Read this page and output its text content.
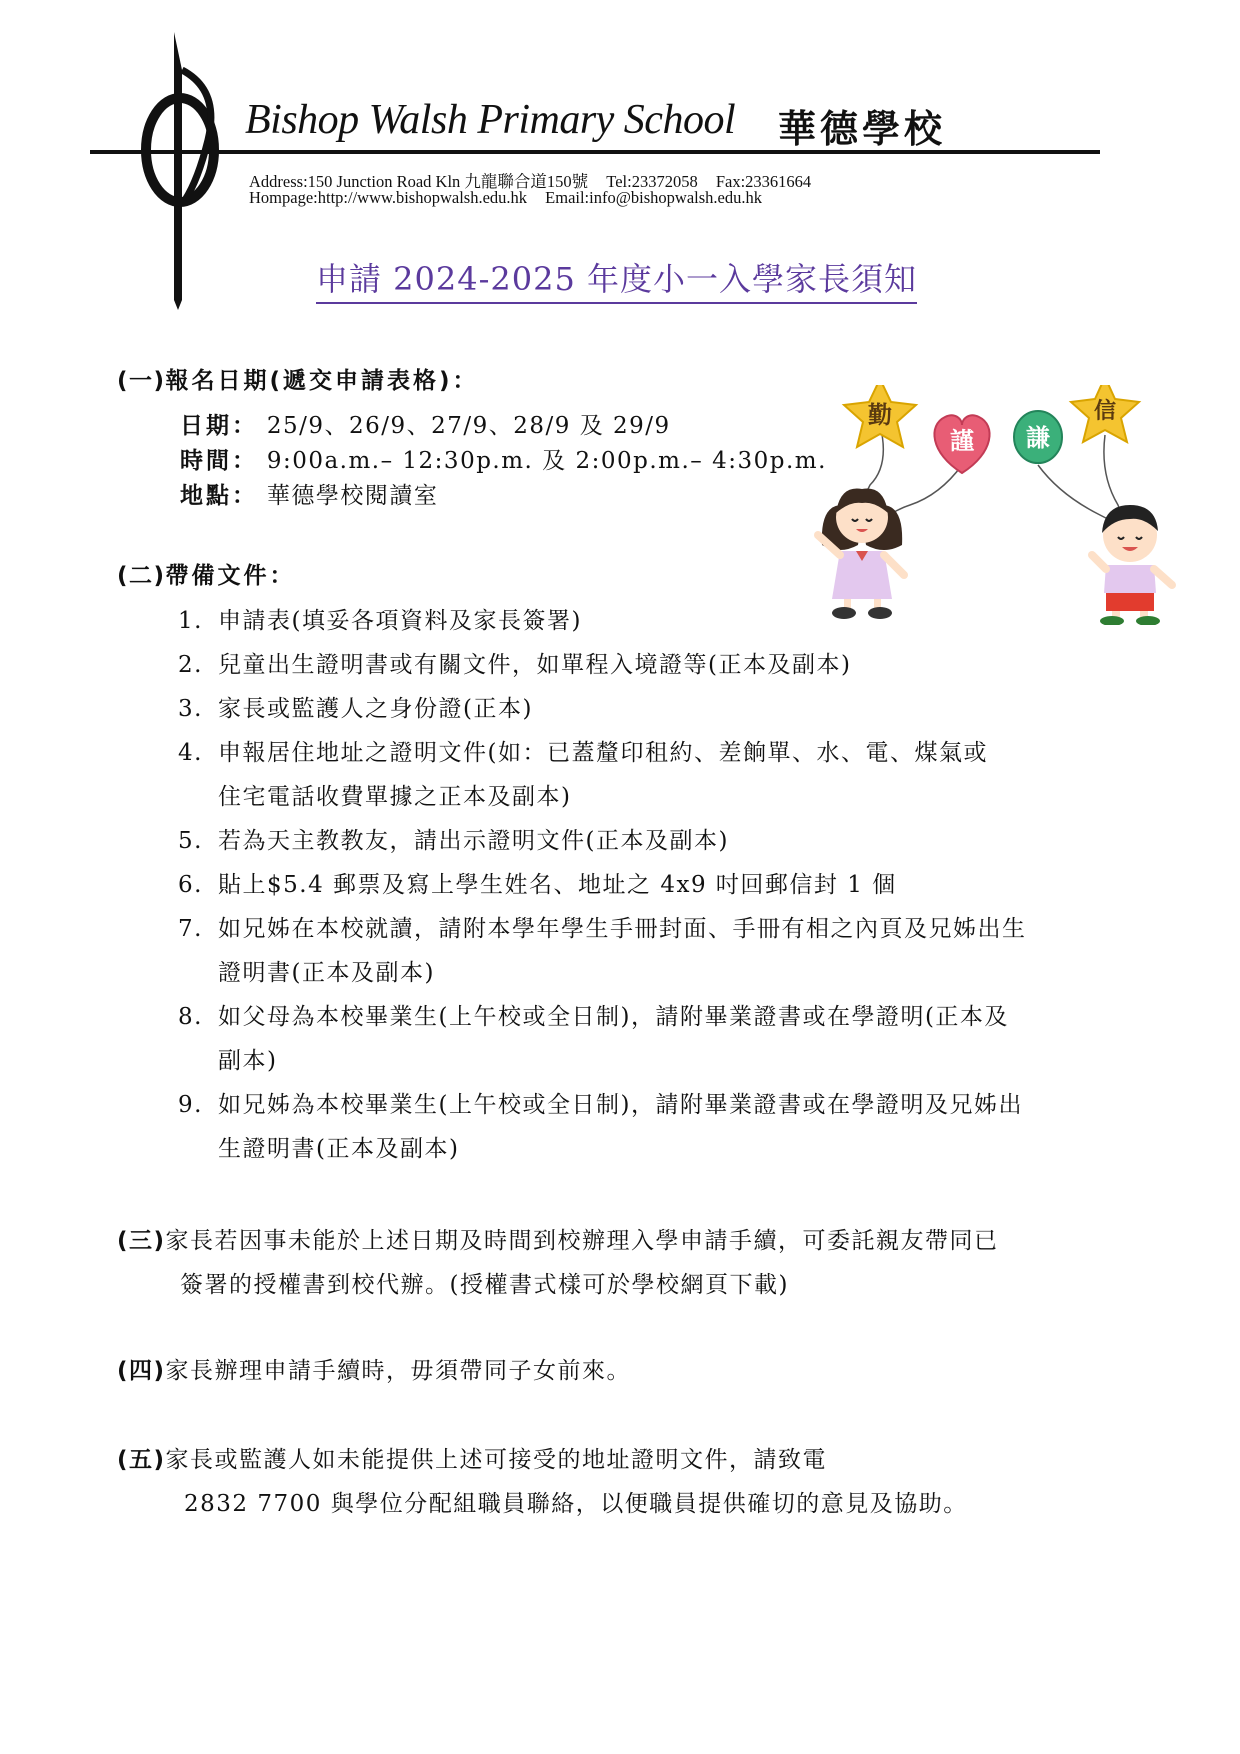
Bishop Walsh Primary School 華德學校
Address:150 Junction Road Kln 九龍聯合道150號 Tel:23372058 Fax:23361664
Hompage:http://www.bishopwalsh.edu.hk Email:info@bishopwalsh.edu.hk
申請 2024-2025 年度小一入學家長須知
(一)報名日期(遞交申請表格)：
日期： 25/9、26/9、27/9、28/9 及 29/9
時間： 9:00a.m.– 12:30p.m. 及 2:00p.m.– 4:30p.m.
地點： 華德學校閱讀室
勤
謹 謙
信
(二)帶備文件：
1. 申請表(填妥各項資料及家長簽署)
2. 兒童出生證明書或有關文件，如單程入境證等(正本及副本)
3. 家長或監護人之身份證(正本)
4. 申報居住地址之證明文件(如：已蓋釐印租約、差餉單、水、電、煤氣或
住宅電話收費單據之正本及副本)
5. 若為天主教教友，請出示證明文件(正本及副本)
6. 貼上$5.4 郵票及寫上學生姓名、地址之 4x9 吋回郵信封 1 個
7. 如兄姊在本校就讀，請附本學年學生手冊封面、手冊有相之內頁及兄姊出生
證明書(正本及副本)
8. 如父母為本校畢業生(上午校或全日制)，請附畢業證書或在學證明(正本及
副本)
9. 如兄姊為本校畢業生(上午校或全日制)，請附畢業證書或在學證明及兄姊出
生證明書(正本及副本)
(三)家長若因事未能於上述日期及時間到校辦理入學申請手續，可委託親友帶同已
簽署的授權書到校代辦。(授權書式樣可於學校網頁下載)
(四)家長辦理申請手續時，毋須帶同子女前來。
(五)家長或監護人如未能提供上述可接受的地址證明文件，請致電
2832 7700 與學位分配組職員聯絡，以便職員提供確切的意見及協助。
